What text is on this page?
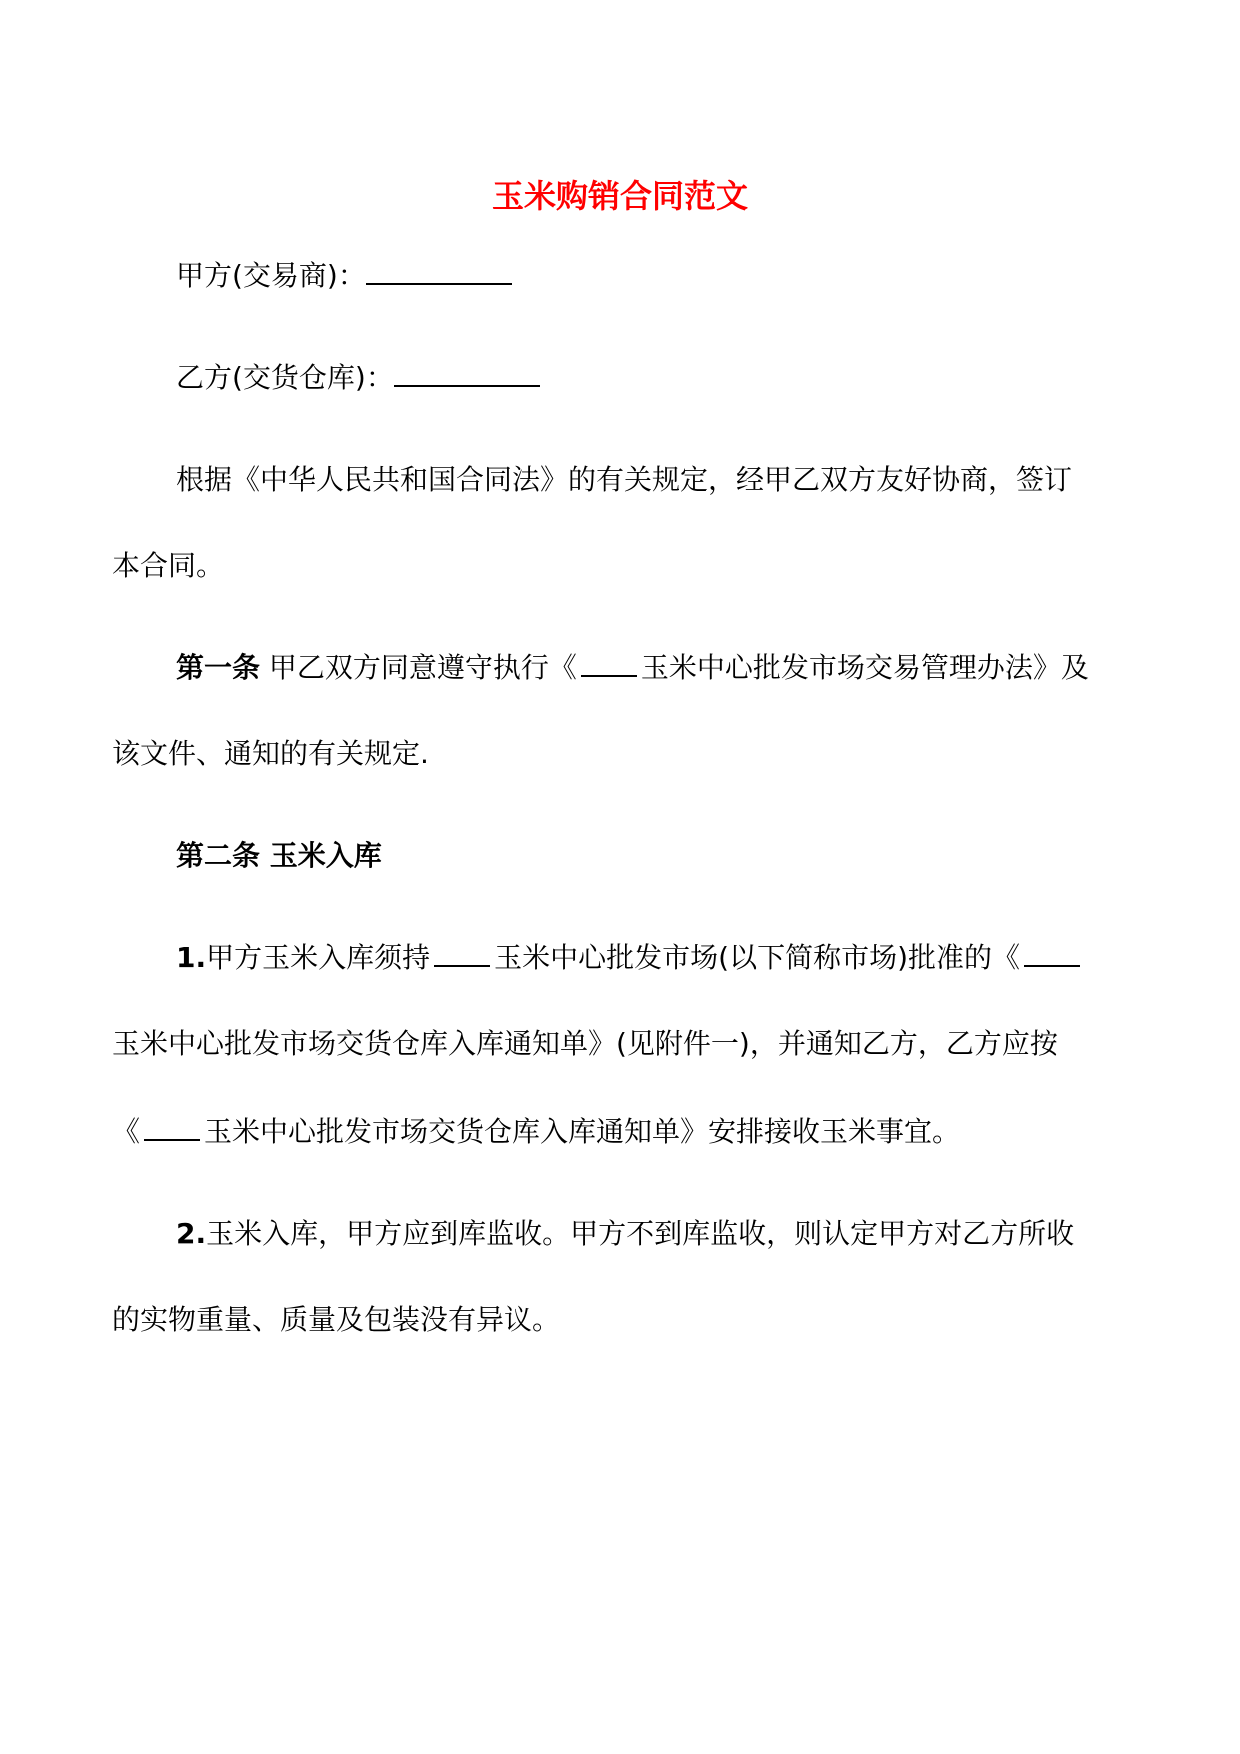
玉米购销合同范文
甲方(交易商)：
乙方(交货仓库)：
根据《中华人民共和国合同法》的有关规定，经甲乙双方友好协商，签订
本合同。
第一条 甲乙双方同意遵守执行《 玉米中心批发市场交易管理办法》及
该文件、通知的有关规定.
第二条 玉米入库
1.甲方玉米入库须持 玉米中心批发市场(以下简称市场)批准的《
玉米中心批发市场交货仓库入库通知单》(见附件一)，并通知乙方，乙方应按
《 玉米中心批发市场交货仓库入库通知单》安排接收玉米事宜。
2.玉米入库，甲方应到库监收。甲方不到库监收，则认定甲方对乙方所收
的实物重量、质量及包装没有异议。
